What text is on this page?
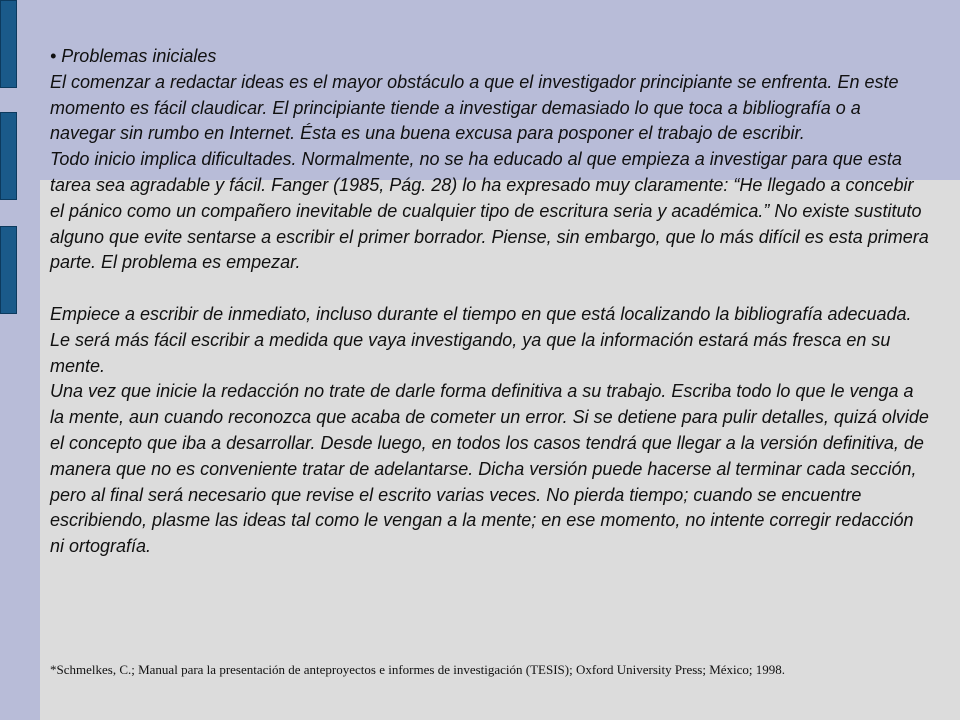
• Problemas iniciales

El comenzar a redactar ideas es el mayor obstáculo a que el investigador principiante se enfrenta. En este momento es fácil claudicar. El principiante tiende a investigar demasiado lo que toca a bibliografía o a navegar sin rumbo en Internet. Ésta es una buena excusa para posponer el trabajo de escribir.

Todo inicio implica dificultades. Normalmente, no se ha educado al que empieza a investigar para que esta tarea sea agradable y fácil. Fanger (1985, Pág. 28) lo ha expresado muy claramente: “He llegado a concebir el pánico como un compañero inevitable de cualquier tipo de escritura seria y académica.” No existe sustituto alguno que evite sentarse a escribir el primer borrador. Piense, sin embargo, que lo más difícil es esta primera parte. El problema es empezar.

Empiece a escribir de inmediato, incluso durante el tiempo en que está localizando la bibliografía adecuada. Le será más fácil escribir a medida que vaya investigando, ya que la información estará más fresca en su mente.

Una vez que inicie la redacción no trate de darle forma definitiva a su trabajo. Escriba todo lo que le venga a la mente, aun cuando reconozca que acaba de cometer un error. Si se detiene para pulir detalles, quizá olvide el concepto que iba a desarrollar. Desde luego, en todos los casos tendrá que llegar a la versión definitiva, de manera que no es conveniente tratar de adelantarse. Dicha versión puede hacerse al terminar cada sección, pero al final será necesario que revise el escrito varias veces. No pierda tiempo; cuando se encuentre escribiendo, plasme las ideas tal como le vengan a la mente; en ese momento, no intente corregir redacción ni ortografía.

*Schmelkes, C.; Manual para la presentación de anteproyectos e informes de investigación (TESIS); Oxford University Press; México; 1998.
